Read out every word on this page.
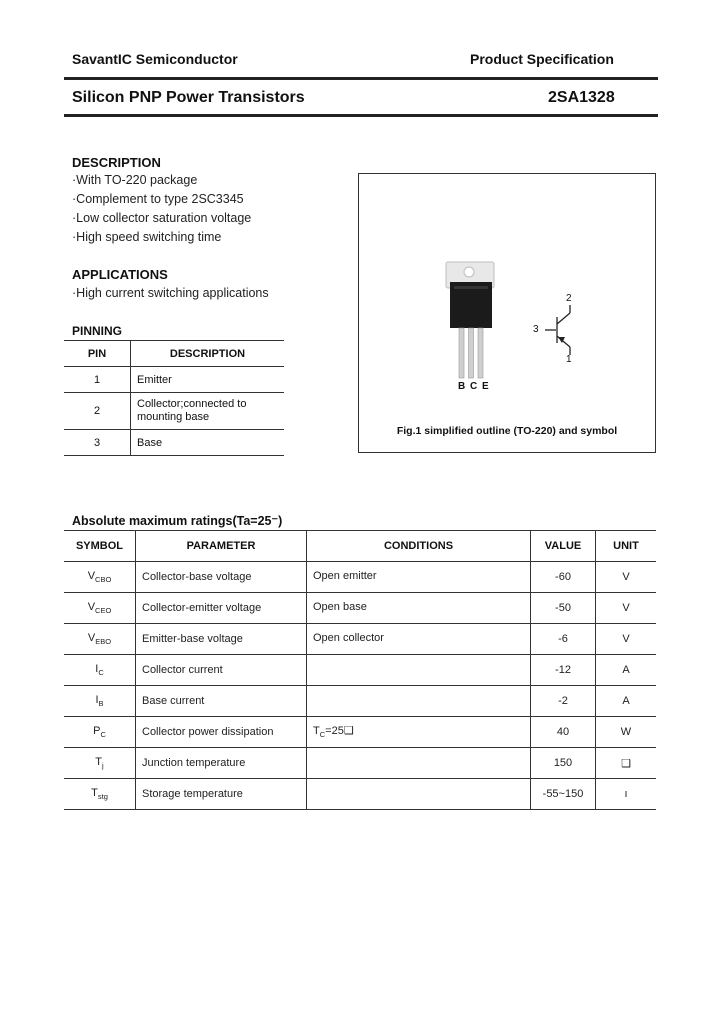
SavantIC Semiconductor	Product Specification
Silicon PNP Power Transistors	2SA1328
DESCRIPTION
·With TO-220 package
·Complement to type 2SC3345
·Low collector saturation voltage
·High speed switching time
APPLICATIONS
·High current switching applications
PINNING
PIN	DESCRIPTION
1	Emitter
2	Collector;connected to mounting base
3	Base
B C E
2
3
1
Fig.1 simplified outline (TO-220) and symbol
Absolute maximum ratings(Ta=25⁻)
SYMBOL	PARAMETER	CONDITIONS	VALUE	UNIT
$V_{CBO}$	Collector-base voltage	Open emitter	-60	V
$V_{CEO}$	Collector-emitter voltage	Open base	-50	V
$V_{EBO}$	Emitter-base voltage	Open collector	-6	V
$I_C$	Collector current		-12	A
$I_B$	Base current		-2	A
$P_C$	Collector power dissipation	$T_C=25❑$	40	W
$T_j$	Junction temperature		150	❑
$T_{stg}$	Storage temperature		-55~150	ı
